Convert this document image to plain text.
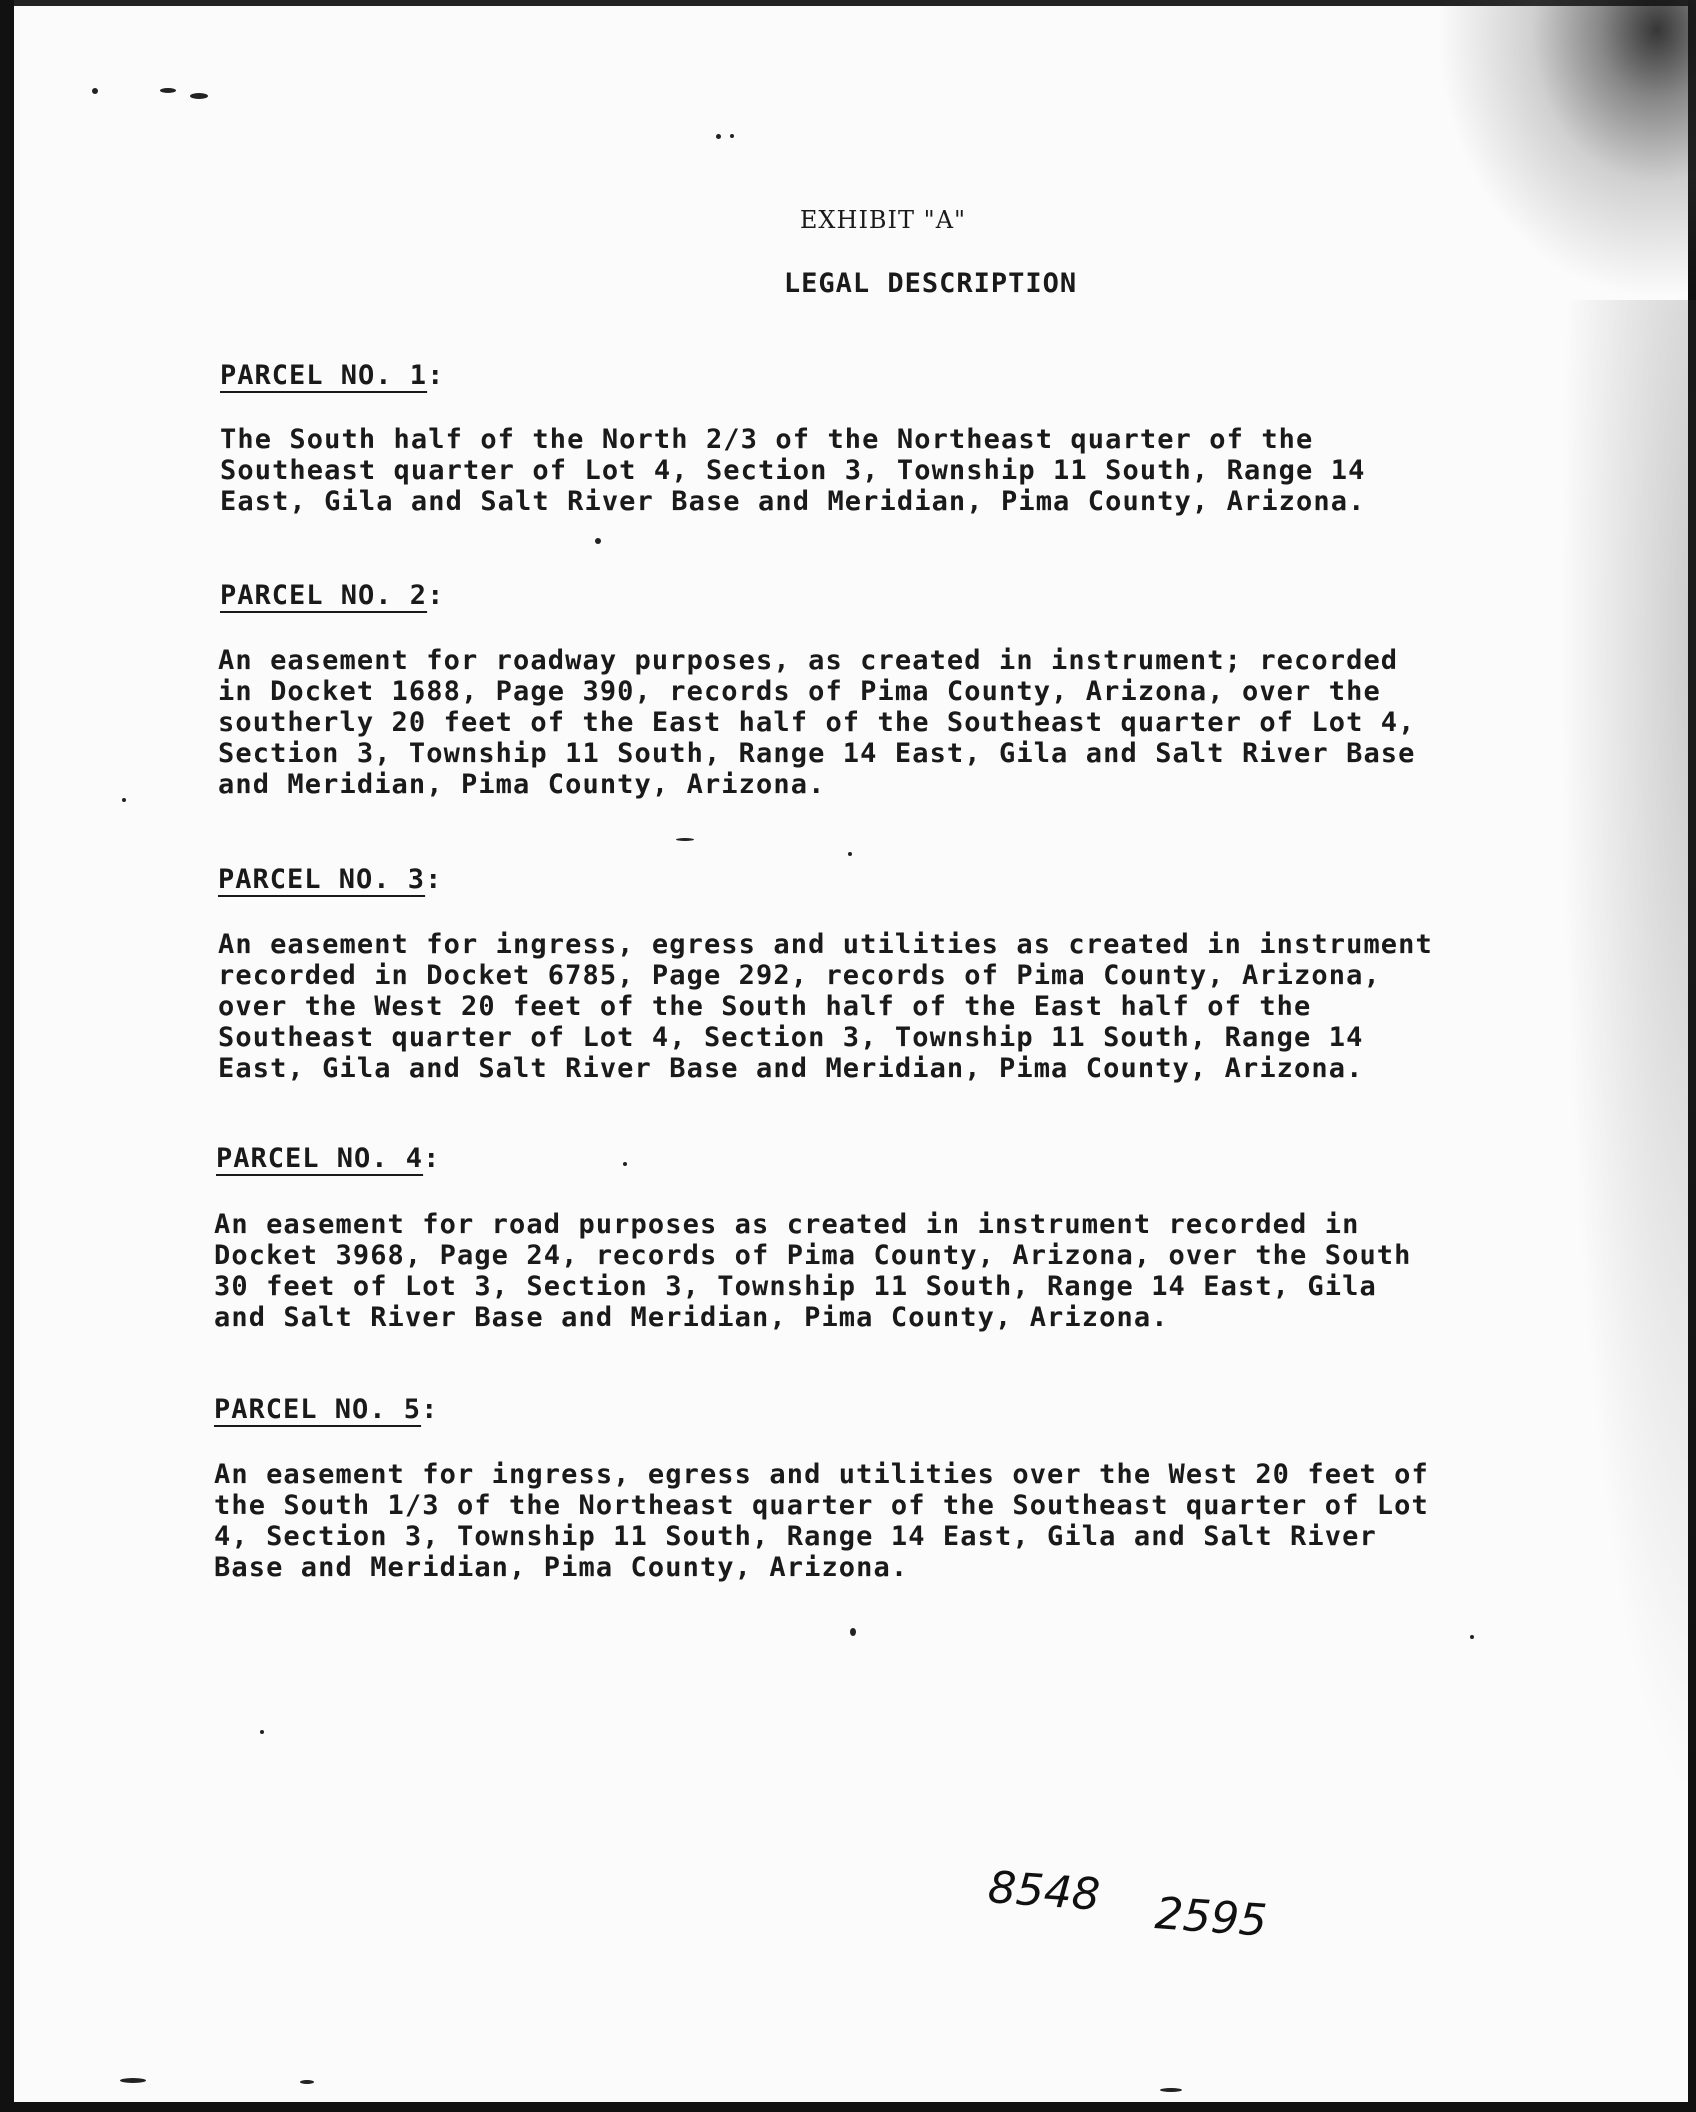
EXHIBIT "A"
LEGAL DESCRIPTION
PARCEL NO. 1:
The South half of the North 2/3 of the Northeast quarter of the
Southeast quarter of Lot 4, Section 3, Township 11 South, Range 14
East, Gila and Salt River Base and Meridian, Pima County, Arizona.
PARCEL NO. 2:
An easement for roadway purposes, as created in instrument; recorded
in Docket 1688, Page 390, records of Pima County, Arizona, over the
southerly 20 feet of the East half of the Southeast quarter of Lot 4,
Section 3, Township 11 South, Range 14 East, Gila and Salt River Base
and Meridian, Pima County, Arizona.
PARCEL NO. 3:
An easement for ingress, egress and utilities as created in instrument
recorded in Docket 6785, Page 292, records of Pima County, Arizona,
over the West 20 feet of the South half of the East half of the
Southeast quarter of Lot 4, Section 3, Township 11 South, Range 14
East, Gila and Salt River Base and Meridian, Pima County, Arizona.
PARCEL NO. 4:
An easement for road purposes as created in instrument recorded in
Docket 3968, Page 24, records of Pima County, Arizona, over the South
30 feet of Lot 3, Section 3, Township 11 South, Range 14 East, Gila
and Salt River Base and Meridian, Pima County, Arizona.
PARCEL NO. 5:
An easement for ingress, egress and utilities over the West 20 feet of
the South 1/3 of the Northeast quarter of the Southeast quarter of Lot
4, Section 3, Township 11 South, Range 14 East, Gila and Salt River
Base and Meridian, Pima County, Arizona.
8548 2595
